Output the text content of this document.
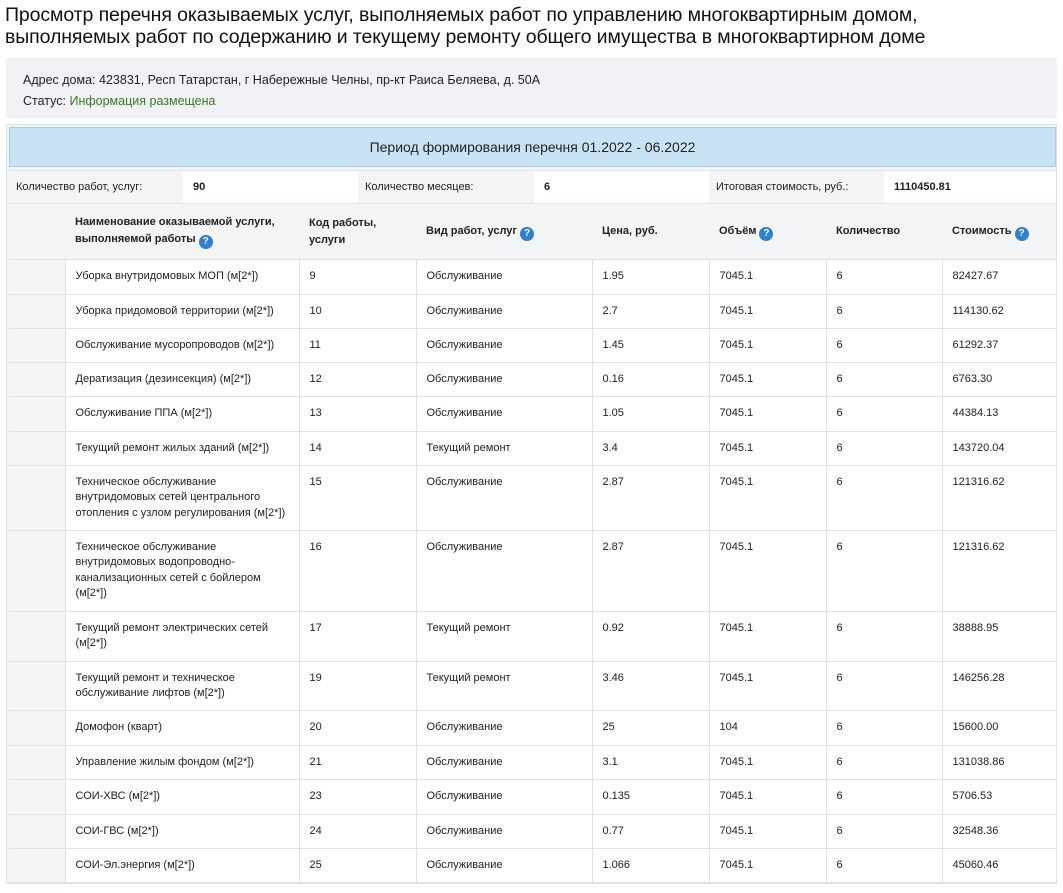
Просмотр перечня оказываемых услуг, выполняемых работ по управлению многоквартирным домом,
выполняемых работ по содержанию и текущему ремонту общего имущества в многоквартирном доме
Адрес дома: 423831, Респ Татарстан, г Набережные Челны, пр-кт Раиса Беляева, д. 50А
Статус: Информация размещена
Период формирования перечня 01.2022 - 06.2022
Количество работ, услуг:	90	Количество месяцев:	6	Итоговая стоимость, руб.:	1110450.81
	Наименование оказываемой услуги, выполняемой работы ?	Код работы, услуги	Вид работ, услуг ?	Цена, руб.	Объём ?	Количество	Стоимость ?
	Уборка внутридомовых МОП (м[2*])	9	Обслуживание	1.95	7045.1	6	82427.67
	Уборка придомовой территории (м[2*])	10	Обслуживание	2.7	7045.1	6	114130.62
	Обслуживание мусоропроводов (м[2*])	11	Обслуживание	1.45	7045.1	6	61292.37
	Дератизация (дезинсекция) (м[2*])	12	Обслуживание	0.16	7045.1	6	6763.30
	Обслуживание ППА (м[2*])	13	Обслуживание	1.05	7045.1	6	44384.13
	Текущий ремонт жилых зданий (м[2*])	14	Текущий ремонт	3.4	7045.1	6	143720.04
	Техническое обслуживание внутридомовых сетей центрального отопления с узлом регулирования (м[2*])	15	Обслуживание	2.87	7045.1	6	121316.62
	Техническое обслуживание внутридомовых водопроводно-канализационных сетей с бойлером (м[2*])	16	Обслуживание	2.87	7045.1	6	121316.62
	Текущий ремонт электрических сетей (м[2*])	17	Текущий ремонт	0.92	7045.1	6	38888.95
	Текущий ремонт и техническое обслуживание лифтов (м[2*])	19	Текущий ремонт	3.46	7045.1	6	146256.28
	Домофон (кварт)	20	Обслуживание	25	104	6	15600.00
	Управление жилым фондом (м[2*])	21	Обслуживание	3.1	7045.1	6	131038.86
	СОИ-ХВС (м[2*])	23	Обслуживание	0.135	7045.1	6	5706.53
	СОИ-ГВС (м[2*])	24	Обслуживание	0.77	7045.1	6	32548.36
	СОИ-Эл.энергия (м[2*])	25	Обслуживание	1.066	7045.1	6	45060.46
